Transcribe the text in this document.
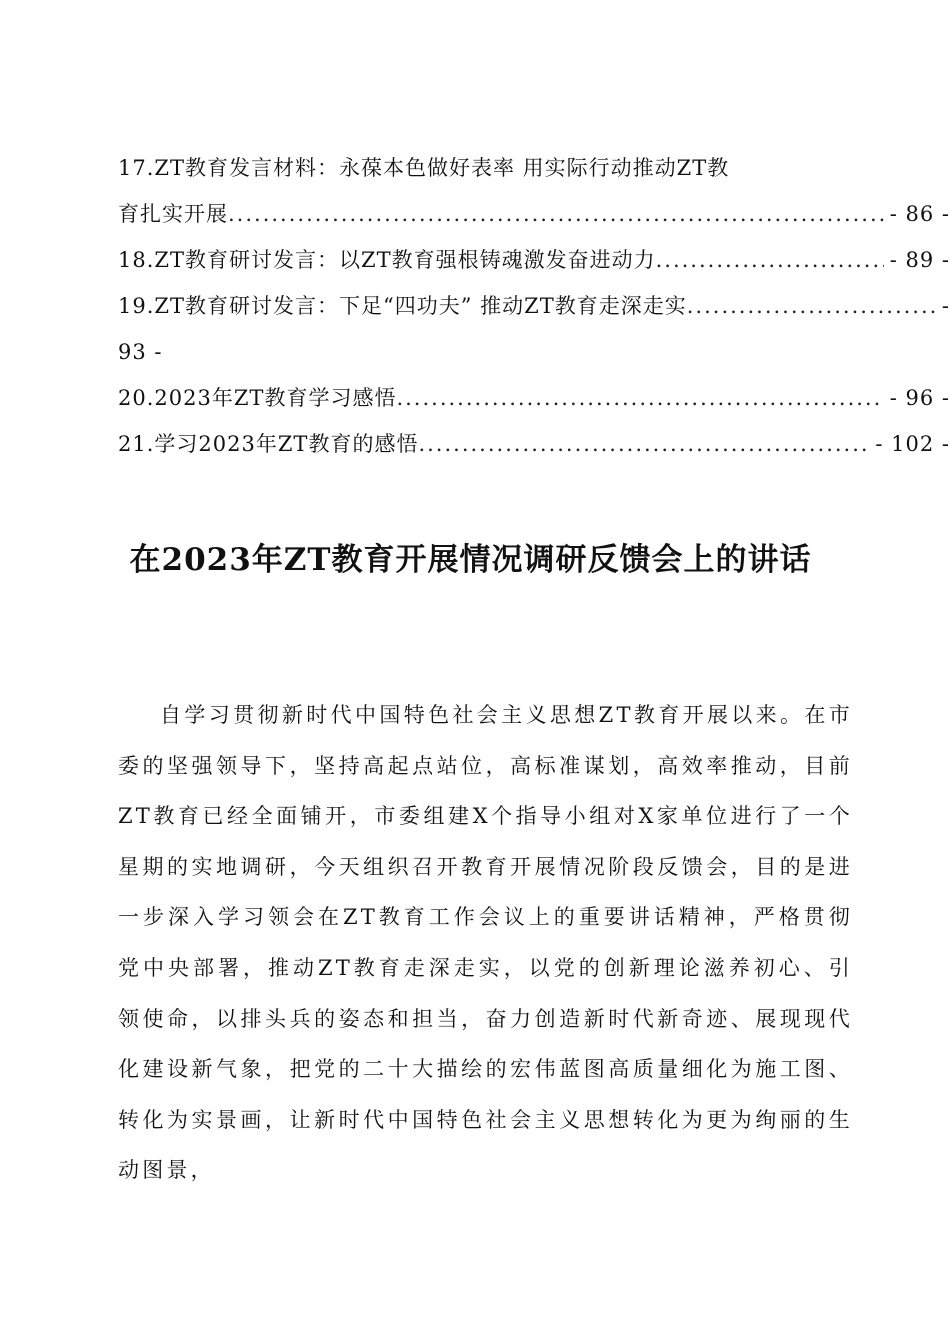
17.ZT教育发言材料：永葆本色做好表率 用实际行动推动ZT教
育扎实开展 .....	- 86 -
18.ZT教育研讨发言：以ZT教育强根铸魂激发奋进动力 .....	- 89 -
19.ZT教育研讨发言：下足“四功夫” 推动ZT教育走深走实 .....	-
93 -
20.2023年ZT教育学习感悟 .....	- 96 -
21.学习2023年ZT教育的感悟 .....	- 102 -
在2023年ZT教育开展情况调研反馈会上的讲话
自学习贯彻新时代中国特色社会主义思想ZT教育开展以来。在市委的坚强领导下，坚持高起点站位，高标准谋划，高效率推动，目前ZT教育已经全面铺开，市委组建X个指导小组对X家单位进行了一个星期的实地调研，今天组织召开教育开展情况阶段反馈会，目的是进一步深入学习领会在ZT教育工作会议上的重要讲话精神，严格贯彻党中央部署，推动ZT教育走深走实，以党的创新理论滋养初心、引领使命，以排头兵的姿态和担当，奋力创造新时代新奇迹、展现现代化建设新气象，把党的二十大描绘的宏伟蓝图高质量细化为施工图、转化为实景画，让新时代中国特色社会主义思想转化为更为绚丽的生动图景，
